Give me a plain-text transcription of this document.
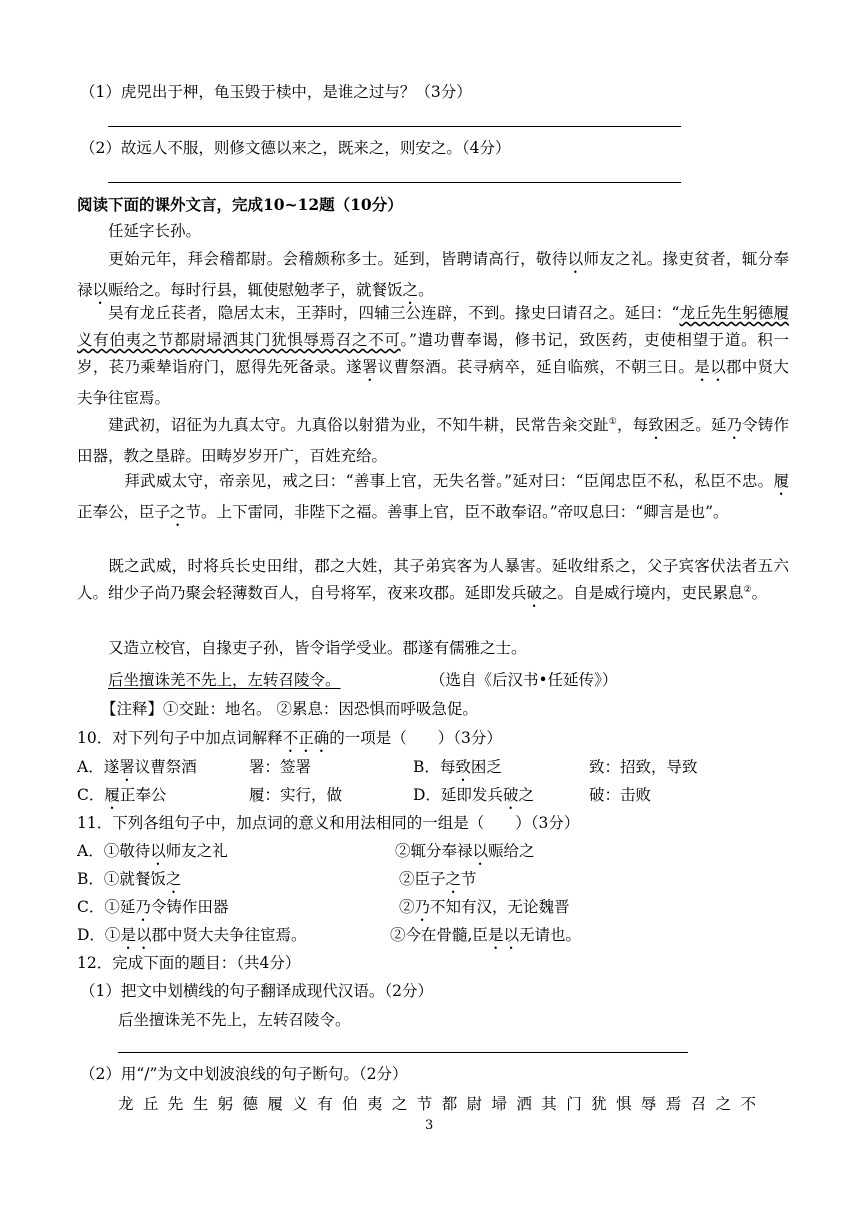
（1）虎兕出于柙，龟玉毁于椟中，是谁之过与？（3分）
（2）故远人不服，则修文德以来之，既来之，则安之。（4分）
阅读下面的课外文言，完成10~12题（10分）
任延字长孙。
更始元年，拜会稽都尉。会稽颇称多士。延到，皆聘请高行，敬待以师友之礼。掾吏贫者，辄分奉禄以赈给之。每时行县，辄使慰勉孝子，就餐饭之。
吴有龙丘苌者，隐居太末，王莽时，四辅三公连辟，不到。掾史曰请召之。延曰：“龙丘先生躬德履义有伯夷之节都尉埽洒其门犹惧辱焉召之不可。”遣功曹奉谒，修书记，致医药，吏使相望于道。积一岁，苌乃乘辇诣府门，愿得先死备录。遂署议曹祭酒。苌寻病卒，延自临殡，不朝三日。是以郡中贤大夫争往宦焉。
建武初，诏征为九真太守。九真俗以射猎为业，不知牛耕，民常告籴交趾①，每致困乏。延乃令铸作田器，教之垦辟。田畴岁岁开广，百姓充给。
拜武威太守，帝亲见，戒之曰：“善事上官，无失名誉。”延对曰：“臣闻忠臣不私，私臣不忠。履正奉公，臣子之节。上下雷同，非陛下之福。善事上官，臣不敢奉诏。”帝叹息曰：“卿言是也”。
既之武威，时将兵长史田绀，郡之大姓，其子弟宾客为人暴害。延收绀系之，父子宾客伏法者五六人。绀少子尚乃聚会轻薄数百人，自号将军，夜来攻郡。延即发兵破之。自是威行境内，吏民累息②。
又造立校官，自掾吏子孙，皆令诣学受业。郡遂有儒雅之士。
后坐擅诛羌不先上，左转召陵令。	（选自《后汉书•任延传》）
【注释】①交趾：地名。 ②累息：因恐惧而呼吸急促。
10．对下列句子中加点词解释不正确的一项是（　　）（3分）
A．遂署议曹祭酒	署：签署	B．每致困乏	致：招致，导致
C．履正奉公	履：实行，做	D．延即发兵破之	破：击败
11．下列各组句子中，加点词的意义和用法相同的一组是（　　）（3分）
A．①敬待以师友之礼	②辄分奉禄以赈给之
B．①就餐饭之	②臣子之节
C．①延乃令铸作田器	②乃不知有汉，无论魏晋
D．①是以郡中贤大夫争往宦焉。	②今在骨髓,臣是以无请也。
12．完成下面的题目：（共4分）
（1）把文中划横线的句子翻译成现代汉语。（2分）
后坐擅诛羌不先上，左转召陵令。
（2）用“/”为文中划波浪线的句子断句。（2分）
龙丘先生躬德履义有伯夷之节都尉埽洒其门犹惧辱焉召之不
3
